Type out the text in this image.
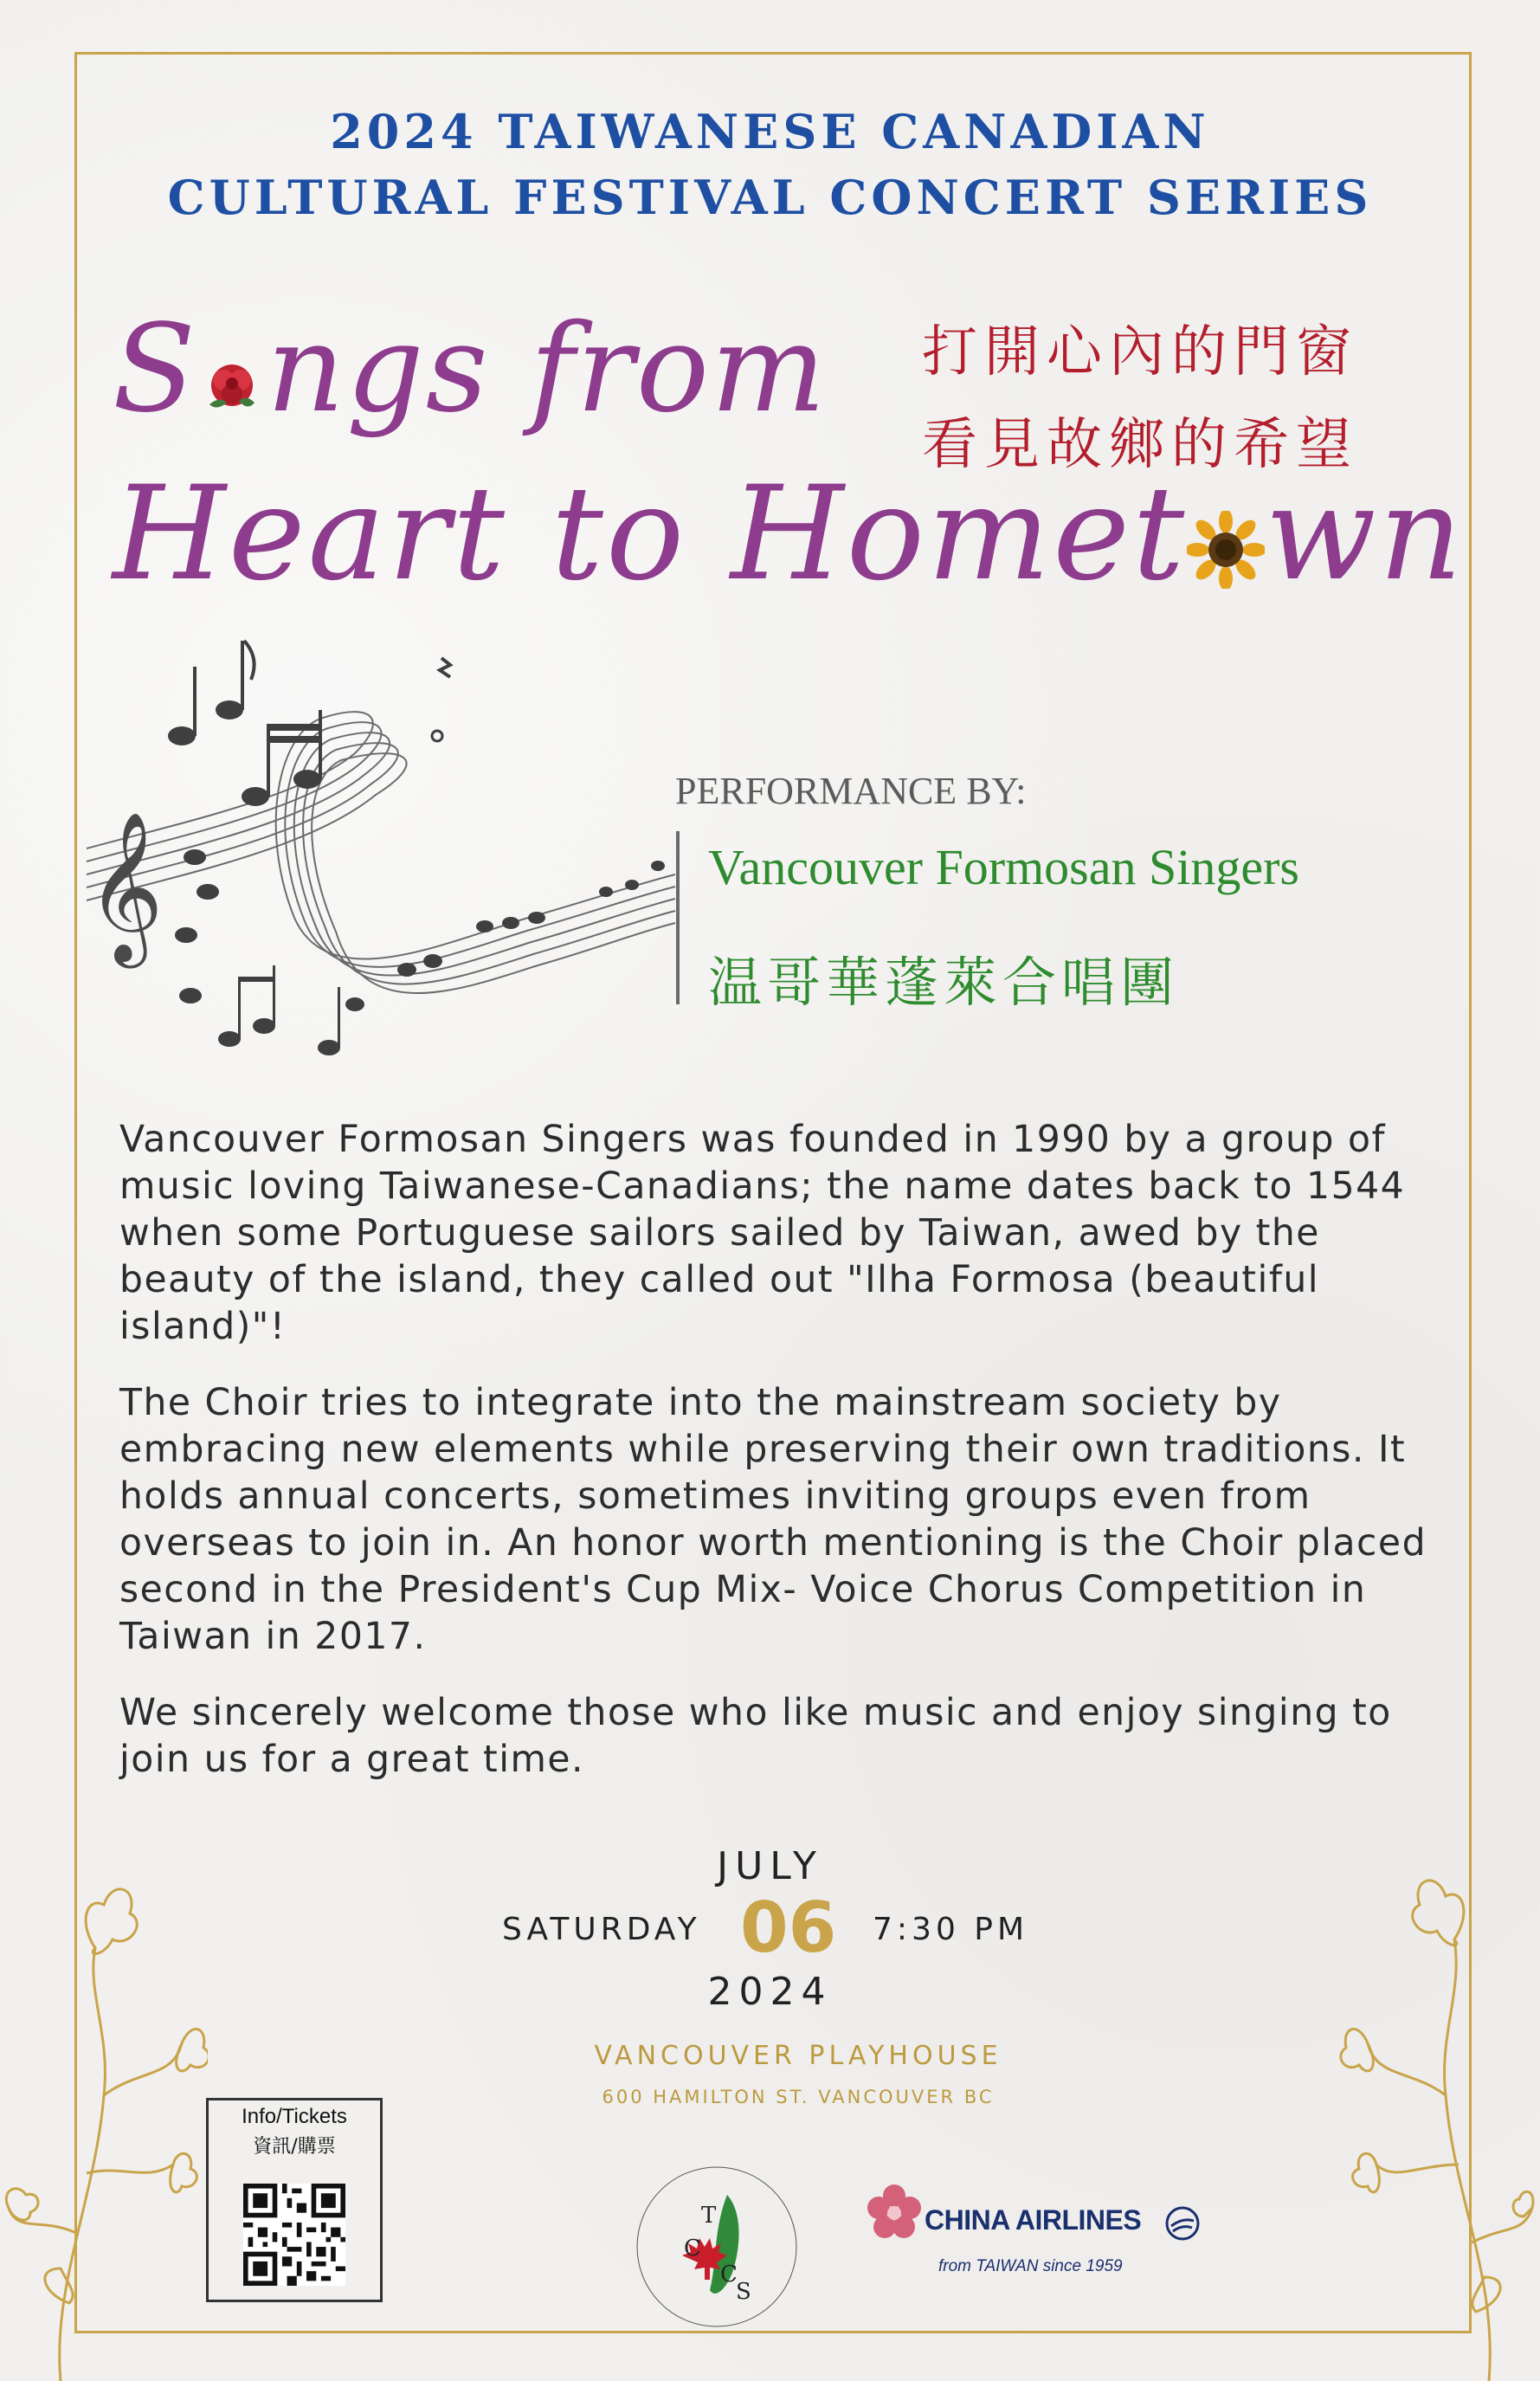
2024 TAIWANESE CANADIAN
CULTURAL FESTIVAL CONCERT SERIES
S ngs from
Heart to Homet wn
打開心內的門窗
看見故鄉的希望
𝄞
PERFORMANCE BY:
Vancouver Formosan Singers
温哥華蓬萊合唱團

Vancouver Formosan Singers was founded in 1990 by a group of music loving Taiwanese-Canadians; the name dates back to 1544 when some Portuguese sailors sailed by Taiwan, awed by the beauty of the island, they called out "Ilha Formosa (beautiful island)"!

The Choir tries to integrate into the mainstream society by embracing new elements while preserving their own traditions. It holds annual concerts, sometimes inviting groups even from overseas to join in. An honor worth mentioning is the Choir placed second in the President's Cup Mix- Voice Chorus Competition in Taiwan in 2017.

We sincerely welcome those who like music and enjoy singing to join us for a great time.

JULY
SATURDAY 06 7:30 PM
2024
VANCOUVER PLAYHOUSE
600 HAMILTON ST. VANCOUVER BC
Info/Tickets
資訊/購票
T
C
C
S
CHINA AIRLINES
from TAIWAN since 1959
